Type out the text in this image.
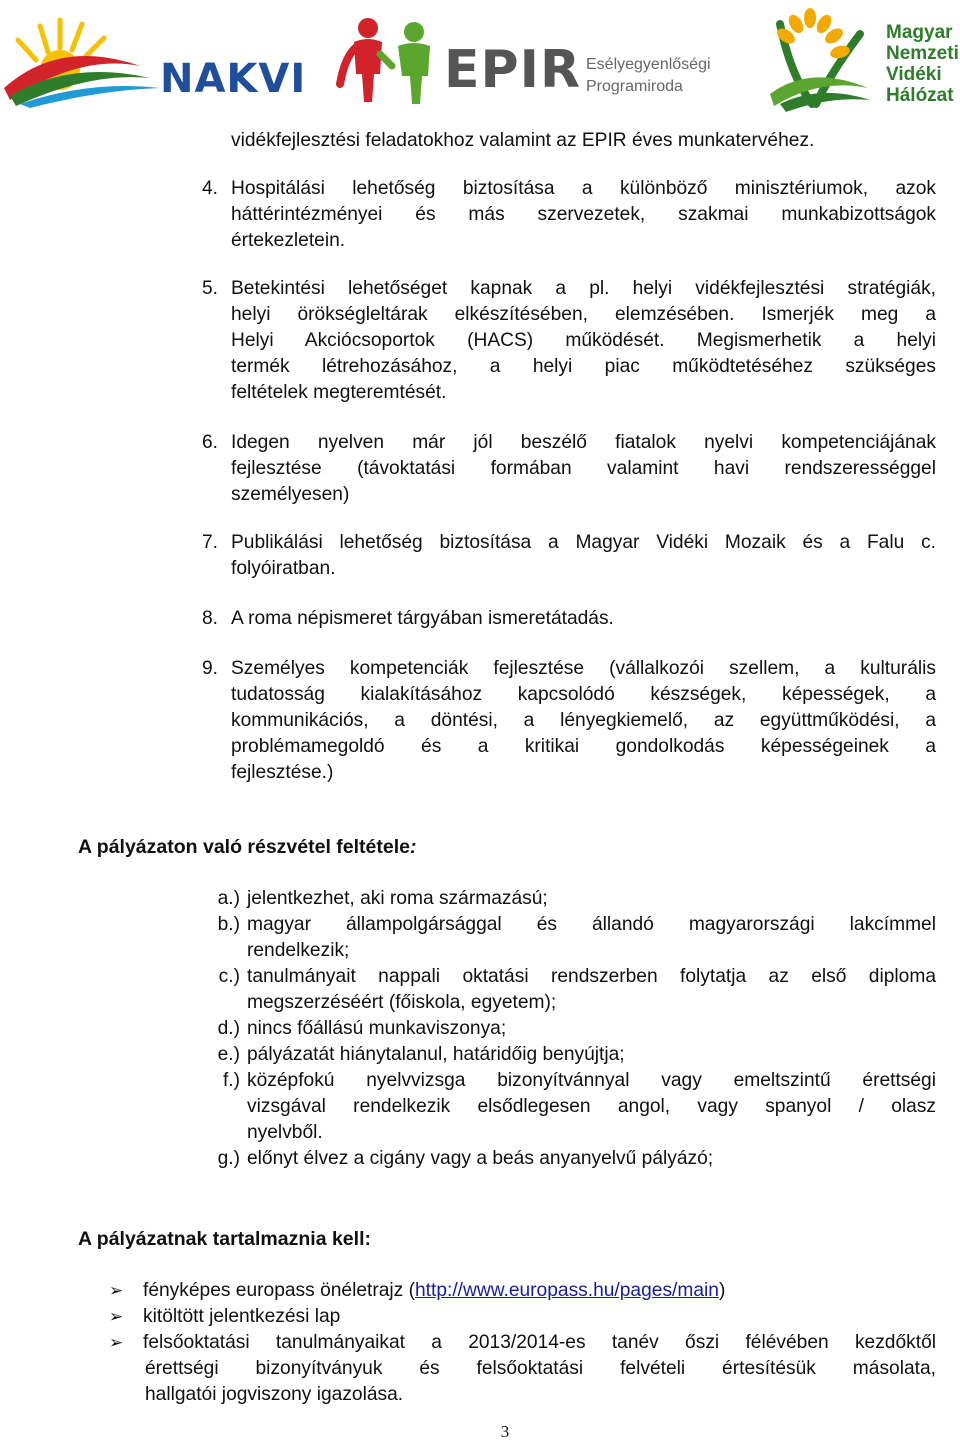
NAKVI	EPIR Esélyegyenlőségi
Programiroda
Magyar
Nemzeti
Vidéki
Hálózat
vidékfejlesztési feladatokhoz valamint az EPIR éves munkatervéhez.
4. Hospitálási lehetőség biztosítása a különböző minisztériumok, azok
háttérintézményei és más szervezetek, szakmai munkabizottságok
értekezletein.
5. Betekintési lehetőséget kapnak a pl. helyi vidékfejlesztési stratégiák,
helyi örökségleltárak elkészítésében, elemzésében. Ismerjék meg a
Helyi Akciócsoportok (HACS) működését. Megismerhetik a helyi
termék létrehozásához, a helyi piac működtetéséhez szükséges
feltételek megteremtését.
6. Idegen nyelven már jól beszélő fiatalok nyelvi kompetenciájának
fejlesztése (távoktatási formában valamint havi rendszerességgel
személyesen)
7. Publikálási lehetőség biztosítása a Magyar Vidéki Mozaik és a Falu c.
folyóiratban.
8. A roma népismeret tárgyában ismeretátadás.
9. Személyes kompetenciák fejlesztése (vállalkozói szellem, a kulturális
tudatosság kialakításához kapcsolódó készségek, képességek, a
kommunikációs, a döntési, a lényegkiemelő, az együttműködési, a
problémamegoldó és a kritikai gondolkodás képességeinek a
fejlesztése.)
A pályázaton való részvétel feltétele:
a.) jelentkezhet, aki roma származású;
b.) magyar állampolgársággal és állandó magyarországi lakcímmel
rendelkezik;
c.) tanulmányait nappali oktatási rendszerben folytatja az első diploma
megszerzéséért (főiskola, egyetem);
d.) nincs főállású munkaviszonya;
e.) pályázatát hiánytalanul, határidőig benyújtja;
f.) középfokú nyelvvizsga bizonyítvánnyal vagy emeltszintű érettségi
vizsgával rendelkezik elsődlegesen angol, vagy spanyol / olasz
nyelvből.
g.) előnyt élvez a cigány vagy a beás anyanyelvű pályázó;
A pályázatnak tartalmaznia kell:
➢ fényképes europass önéletrajz (http://www.europass.hu/pages/main)
➢ kitöltött jelentkezési lap
➢ felsőoktatási tanulmányaikat a 2013/2014-es tanév őszi félévében kezdőktől
érettségi bizonyítványuk és felsőoktatási felvételi értesítésük másolata,
hallgatói jogviszony igazolása.
3
